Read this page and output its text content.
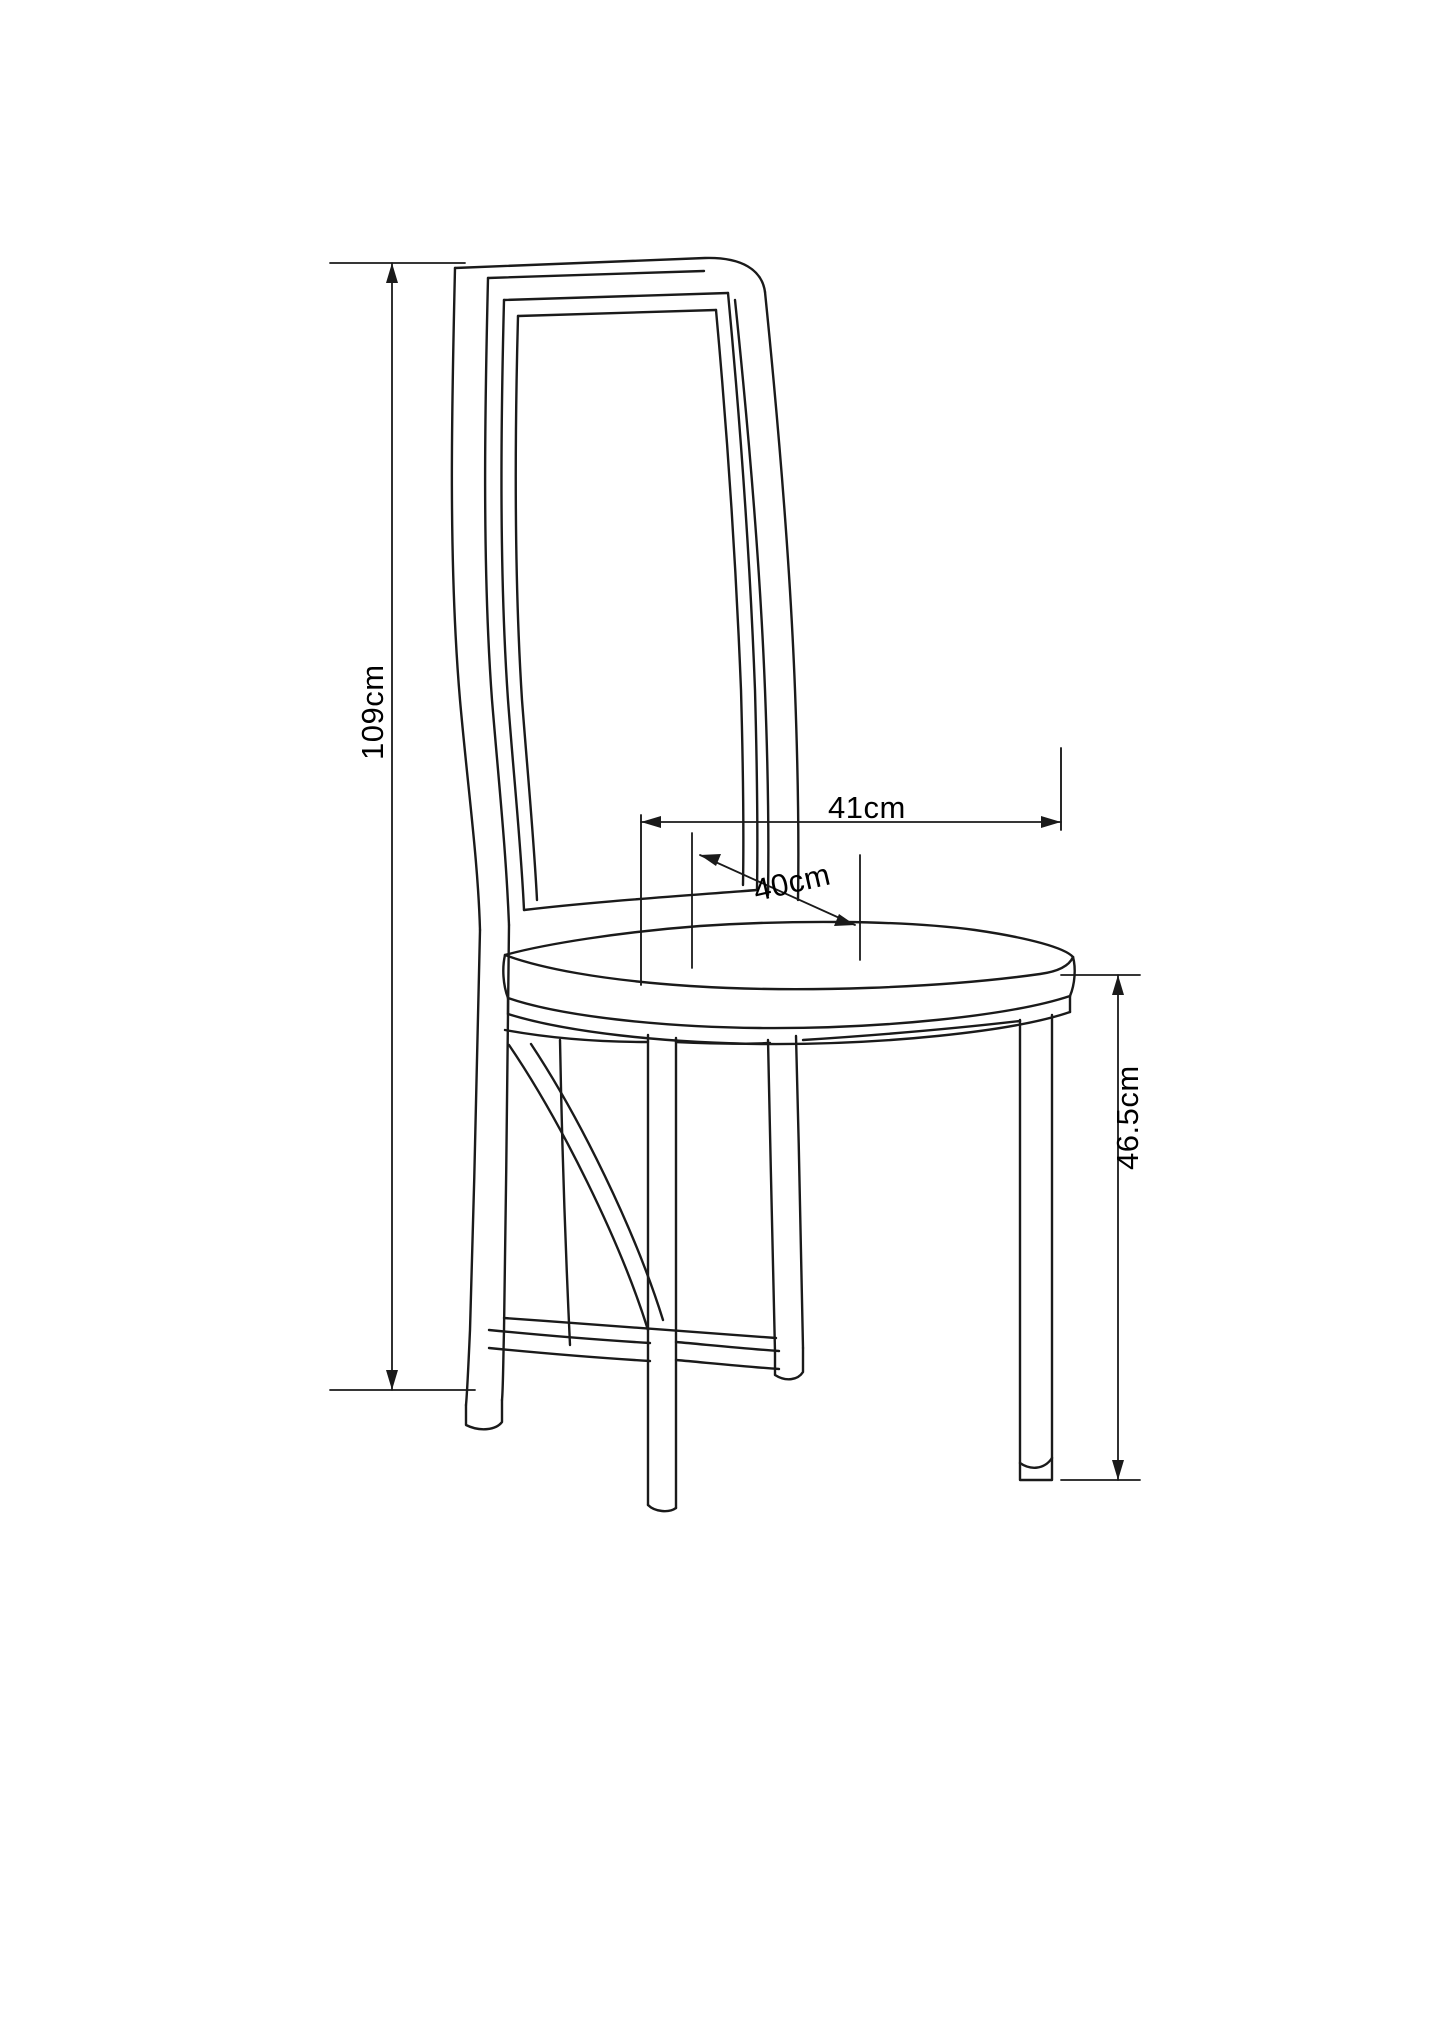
109cm
41cm
40cm
46.5cm
